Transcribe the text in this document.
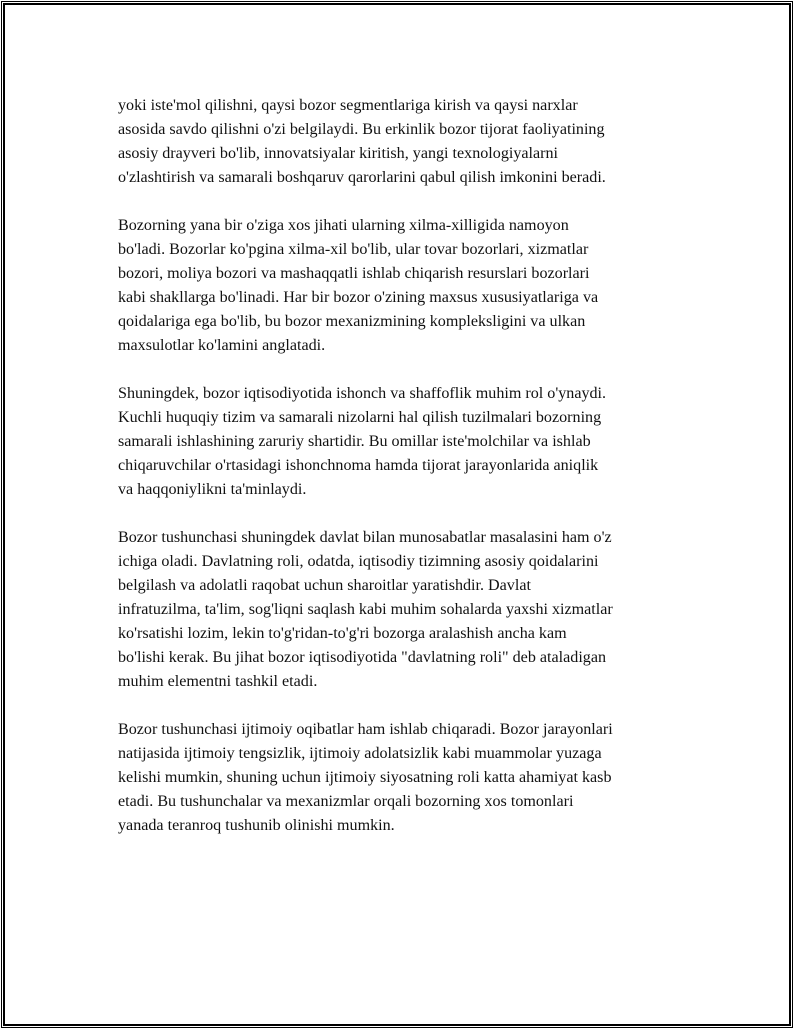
yoki iste'mol qilishni, qaysi bozor segmentlariga kirish va qaysi narxlar
asosida savdo qilishni o'zi belgilaydi. Bu erkinlik bozor tijorat faoliyatining
asosiy drayveri bo'lib, innovatsiyalar kiritish, yangi texnologiyalarni
o'zlashtirish va samarali boshqaruv qarorlarini qabul qilish imkonini beradi.

Bozorning yana bir o'ziga xos jihati ularning xilma-xilligida namoyon
bo'ladi. Bozorlar ko'pgina xilma-xil bo'lib, ular tovar bozorlari, xizmatlar
bozori, moliya bozori va mashaqqatli ishlab chiqarish resurslari bozorlari
kabi shakllarga bo'linadi. Har bir bozor o'zining maxsus xususiyatlariga va
qoidalariga ega bo'lib, bu bozor mexanizmining kompleksligini va ulkan
maxsulotlar ko'lamini anglatadi.

Shuningdek, bozor iqtisodiyotida ishonch va shaffoflik muhim rol o'ynaydi.
Kuchli huquqiy tizim va samarali nizolarni hal qilish tuzilmalari bozorning
samarali ishlashining zaruriy shartidir. Bu omillar iste'molchilar va ishlab
chiqaruvchilar o'rtasidagi ishonchnoma hamda tijorat jarayonlarida aniqlik
va haqqoniylikni ta'minlaydi.

Bozor tushunchasi shuningdek davlat bilan munosabatlar masalasini ham o'z
ichiga oladi. Davlatning roli, odatda, iqtisodiy tizimning asosiy qoidalarini
belgilash va adolatli raqobat uchun sharoitlar yaratishdir. Davlat
infratuzilma, ta'lim, sog'liqni saqlash kabi muhim sohalarda yaxshi xizmatlar
ko'rsatishi lozim, lekin to'g'ridan-to'g'ri bozorga aralashish ancha kam
bo'lishi kerak. Bu jihat bozor iqtisodiyotida "davlatning roli" deb ataladigan
muhim elementni tashkil etadi.

Bozor tushunchasi ijtimoiy oqibatlar ham ishlab chiqaradi. Bozor jarayonlari
natijasida ijtimoiy tengsizlik, ijtimoiy adolatsizlik kabi muammolar yuzaga
kelishi mumkin, shuning uchun ijtimoiy siyosatning roli katta ahamiyat kasb
etadi. Bu tushunchalar va mexanizmlar orqali bozorning xos tomonlari
yanada teranroq tushunib olinishi mumkin.
